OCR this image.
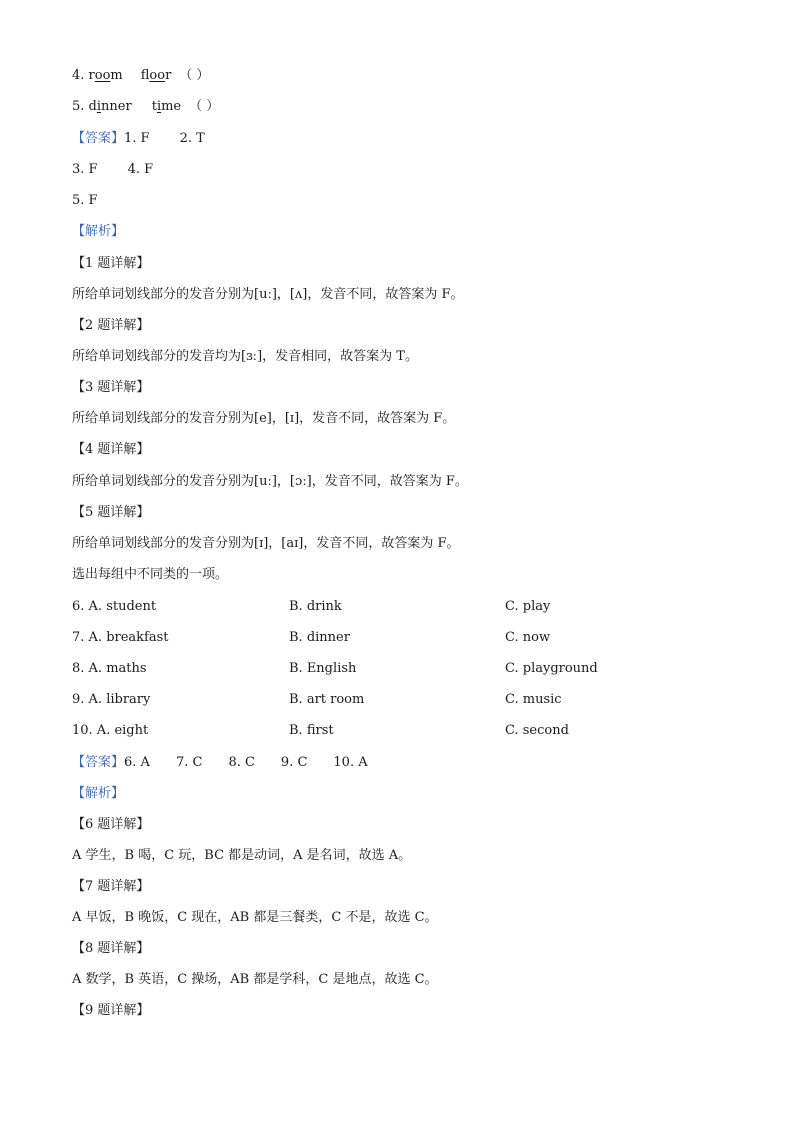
4. room floor （ ）
5. dinner time （ ）
【答案】1. F 2. T
3. F 4. F
5. F
【解析】
【1 题详解】
所给单词划线部分的发音分别为[uː]，[ʌ]，发音不同，故答案为 F。
【2 题详解】
所给单词划线部分的发音均为[ɜː]，发音相同，故答案为 T。
【3 题详解】
所给单词划线部分的发音分别为[e]，[ɪ]，发音不同，故答案为 F。
【4 题详解】
所给单词划线部分的发音分别为[uː]，[ɔː]，发音不同，故答案为 F。
【5 题详解】
所给单词划线部分的发音分别为[ɪ]，[aɪ]，发音不同，故答案为 F。
选出每组中不同类的一项。
6. A. student	B. drink	C. play
7. A. breakfast	B. dinner	C. now
8. A. maths	B. English	C. playground
9. A. library	B. art room	C. music
10. A. eight	B. first	C. second
【答案】6. A 7. C 8. C 9. C 10. A
【解析】
【6 题详解】
A 学生，B 喝，C 玩，BC 都是动词，A 是名词，故选 A。
【7 题详解】
A 早饭，B 晚饭，C 现在，AB 都是三餐类，C 不是，故选 C。
【8 题详解】
A 数学，B 英语，C 操场，AB 都是学科，C 是地点，故选 C。
【9 题详解】
